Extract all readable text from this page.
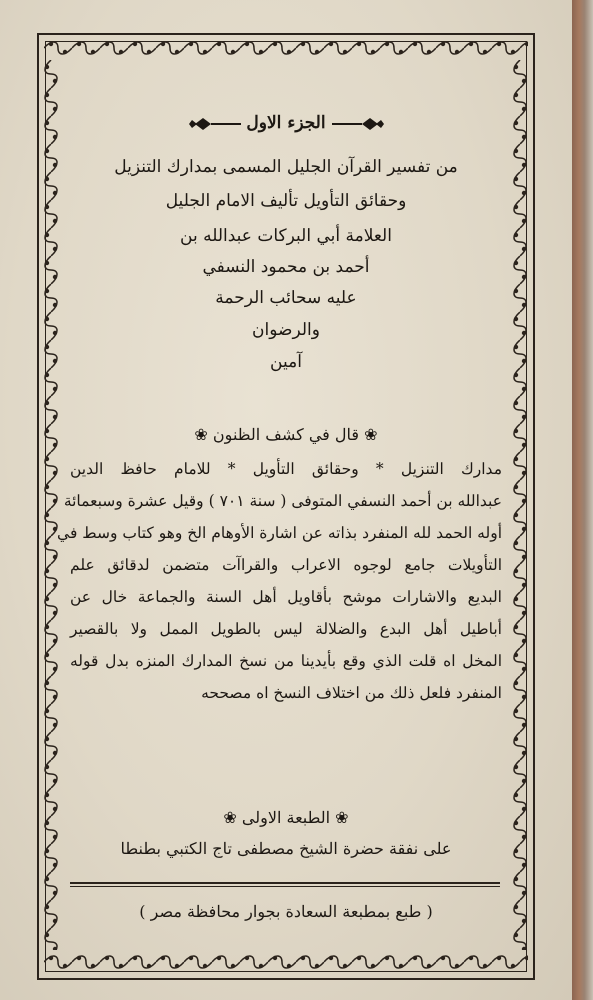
الجزء الاول
من تفسير القرآن الجليل المسمى بمدارك التنزيل
وحقائق التأويل تأليف الامام الجليل
العلامة أبي البركات عبدالله بن
أحمد بن محمود النسفي
عليه سحائب الرحمة
والرضوان
آمين
❀ قال في كشف الظنون ❀
مدارك التنزيل * وحقائق التأويل * للامام حافظ الدين
عبدالله بن أحمد النسفي المتوفى ( سنة ٧٠١ ) وقيل عشرة وسبعمائة
أوله الحمد لله المنفرد بذاته عن اشارة الأوهام الخ وهو كتاب وسط في
التأويلات جامع لوجوه الاعراب والقراآت متضمن لدقائق علم
البديع والاشارات موشح بأقاويل أهل السنة والجماعة خال عن
أباطيل أهل البدع والضلالة ليس بالطويل الممل ولا بالقصير
المخل اه قلت الذي وقع بأيدينا من نسخ المدارك المنزه بدل قوله
المنفرد فلعل ذلك من اختلاف النسخ اه مصححه
❀ الطبعة الاولى ❀
على نفقة حضرة الشيخ مصطفى تاج الكتبي بطنطا
( طبع بمطبعة السعادة بجوار محافظة مصر )
